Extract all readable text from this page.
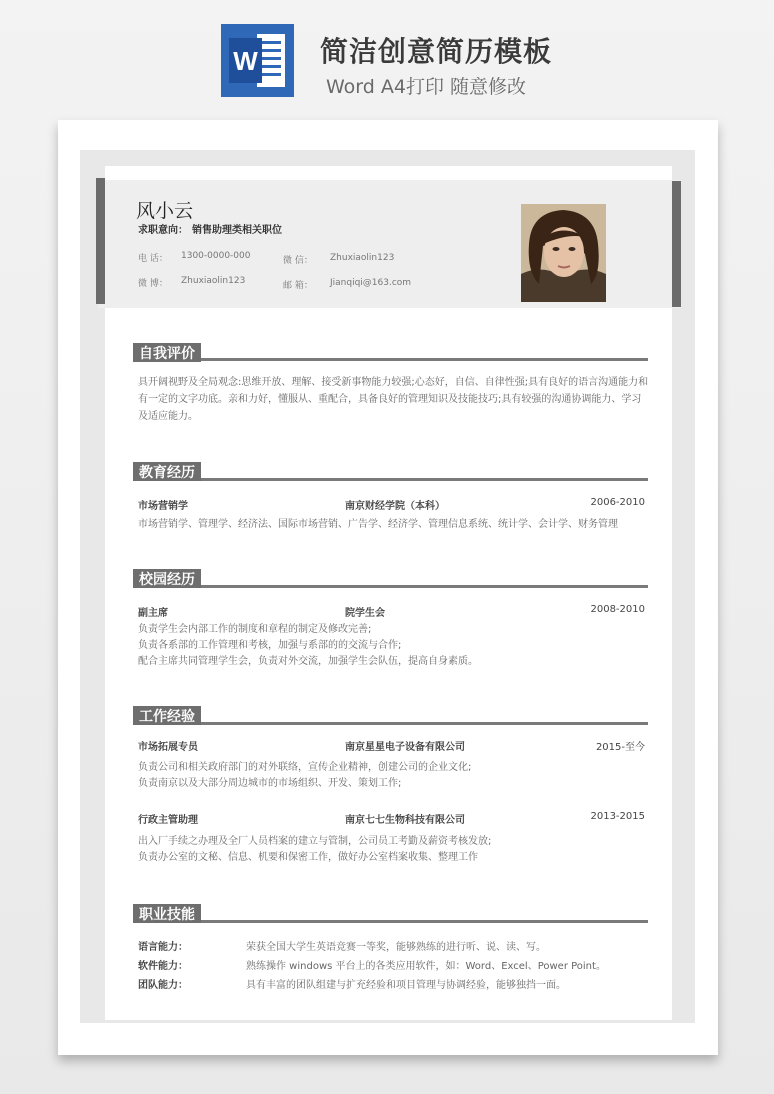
W 简洁创意简历模板
Word A4打印 随意修改
风小云
求职意向： 销售助理类相关职位
电 话： 1300-0000-000	微 信： Zhuxiaolin123
微 博： Zhuxiaolin123	邮 箱： Jianqiqi@163.com
自我评价
具开阔视野及全局观念:思维开放、理解、接受新事物能力较强;心态好，自信、自律性强;具有良好的语言沟通能力和有一定的文字功底。亲和力好，懂服从、重配合，具备良好的管理知识及技能技巧;具有较强的沟通协调能力、学习及适应能力。
教育经历
市场营销学	南京财经学院（本科）	2006-2010
市场营销学、管理学、经济法、国际市场营销、广告学、经济学、管理信息系统、统计学、会计学、财务管理
校园经历
副主席	院学生会	2008-2010
负责学生会内部工作的制度和章程的制定及修改完善;
负责各系部的工作管理和考核，加强与系部的的交流与合作;
配合主席共同管理学生会，负责对外交流，加强学生会队伍，提高自身素质。
工作经验
市场拓展专员	南京星星电子设备有限公司	2015-至今
负责公司和相关政府部门的对外联络，宣传企业精神，创建公司的企业文化;
负责南京以及大部分周边城市的市场组织、开发、策划工作;
行政主管助理	南京七七生物科技有限公司	2013-2015
出入厂手续之办理及全厂人员档案的建立与管制，公司员工考勤及薪资考核发放;
负责办公室的文秘、信息、机要和保密工作，做好办公室档案收集、整理工作
职业技能
语言能力：	荣获全国大学生英语竞赛一等奖，能够熟练的进行听、说、读、写。
软件能力：	熟练操作 windows 平台上的各类应用软件，如：Word、Excel、Power Point。
团队能力：	具有丰富的团队组建与扩充经验和项目管理与协调经验，能够独挡一面。
